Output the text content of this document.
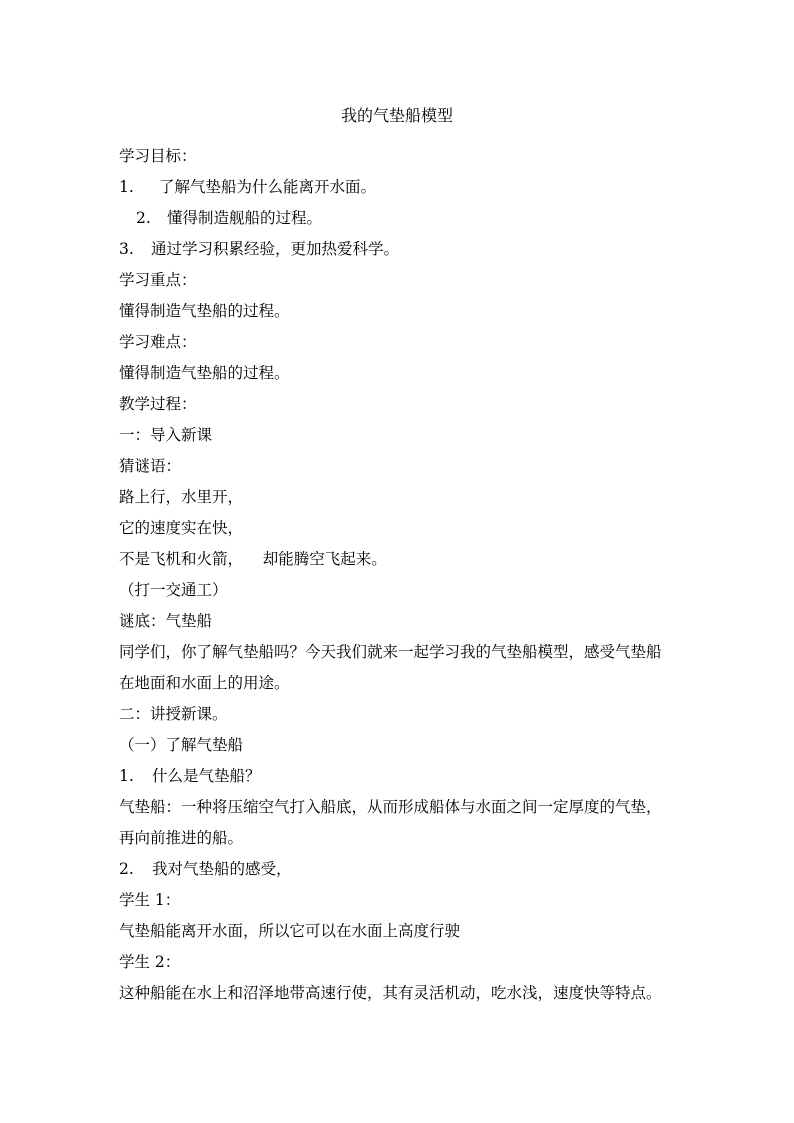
我的气垫船模型
学习目标：
1. 了解气垫船为什么能离开水面。
2. 懂得制造舰船的过程。
3. 通过学习积累经验，更加热爱科学。
学习重点：
懂得制造气垫船的过程。
学习难点：
懂得制造气垫船的过程。
教学过程：
一：导入新课
猜谜语：
路上行，水里开，
它的速度实在快，
不是飞机和火箭，    却能腾空飞起来。
（打一交通工）
谜底：气垫船
同学们，你了解气垫船吗？今天我们就来一起学习我的气垫船模型，感受气垫船
在地面和水面上的用途。
二：讲授新课。
（一）了解气垫船
1. 什么是气垫船？
气垫船：一种将压缩空气打入船底，从而形成船体与水面之间一定厚度的气垫，
再向前推进的船。
2. 我对气垫船的感受，
学生 1：
气垫船能离开水面，所以它可以在水面上高度行驶
学生 2：
这种船能在水上和沼泽地带高速行使，其有灵活机动，吃水浅，速度快等特点。
